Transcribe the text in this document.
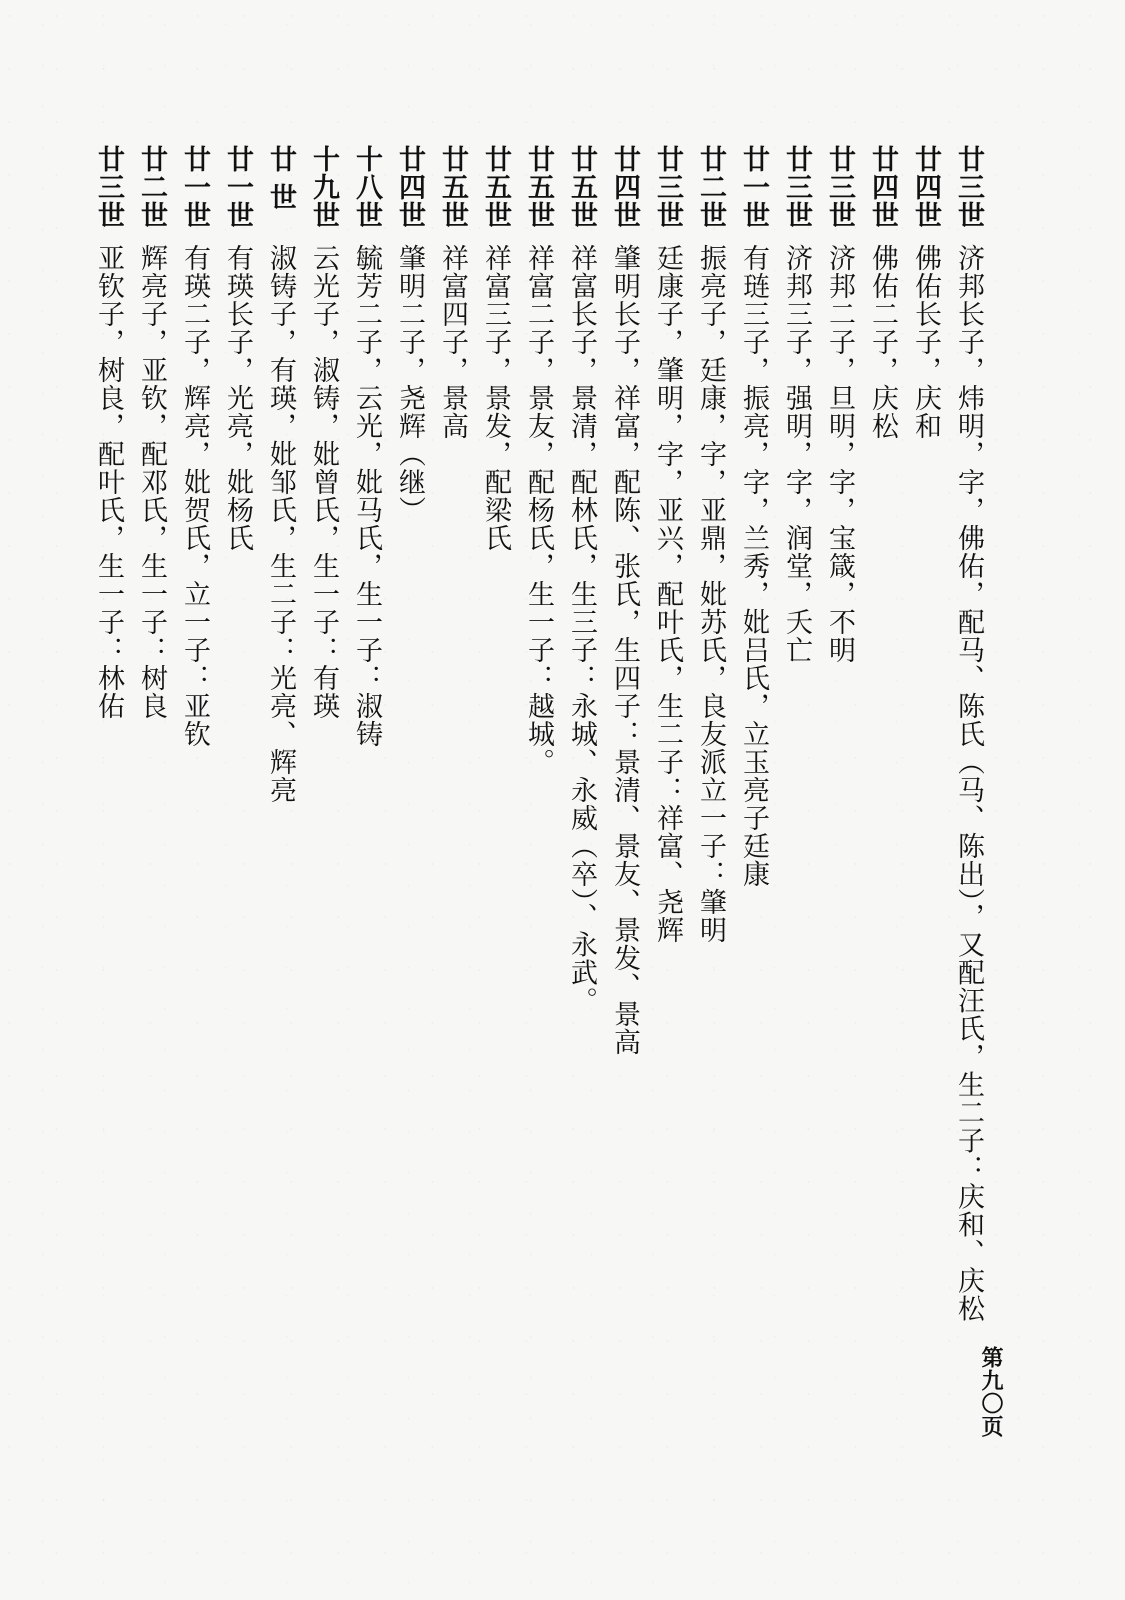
廿三世
济邦长子，炜明，字，佛佑，配马、陈氏（马、陈出），又配汪氏，生二子：庆和、庆松
廿四世
佛佑长子，庆和
廿四世
佛佑二子，庆松
廿三世
济邦二子，旦明，字，宝箴，不明
廿三世
济邦三子，强明，字，润堂，夭亡
廿一世
有琏三子，振亮，字，兰秀，妣吕氏，立玉亮子廷康
廿二世
振亮子，廷康，字，亚鼎，妣苏氏，良友派立一子：肇明
廿三世
廷康子，肇明，字，亚兴，配叶氏，生二子：祥富、尧辉
廿四世
肇明长子，祥富，配陈、张氏，生四子：景清、景友、景发、景高
廿五世
祥富长子，景清，配林氏，生三子：永城、永威（卒）、永武。
廿五世
祥富二子，景友，配杨氏，生一子：越城。
廿五世
祥富三子，景发，配梁氏
廿五世
祥富四子，景高
廿四世
肇明二子，尧辉（继）
十八世
毓芳二子，云光，妣马氏，生一子：淑铸
十九世
云光子，淑铸，妣曾氏，生一子：有瑛
廿 世
淑铸子，有瑛，妣邹氏，生二子：光亮、辉亮
廿一世
有瑛长子，光亮，妣杨氏
廿一世
有瑛二子，辉亮，妣贺氏，立一子：亚钦
廿二世
辉亮子，亚钦，配邓氏，生一子：树良
廿三世
亚钦子，树良，配叶氏，生一子：林佑
第九〇页
